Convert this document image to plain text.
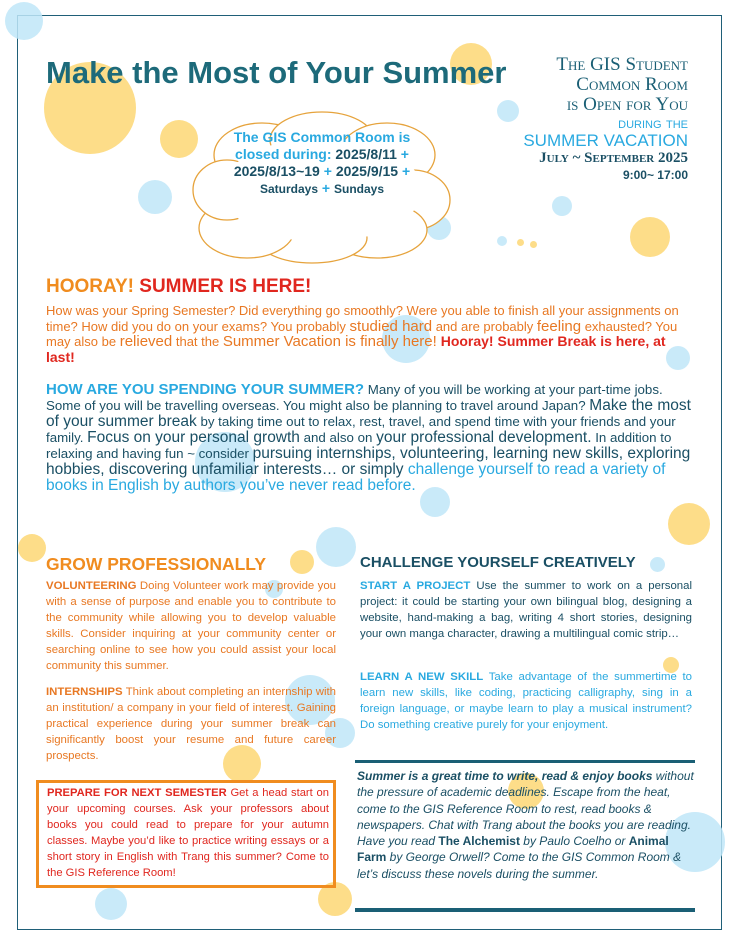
Make the Most of Your Summer	The GIS Student
Common Room
is Open for You
during the
SUMMER VACATION
July ~ September 2025
9:00~ 17:00
The GIS Common Room is closed during: 2025/8/11 + 2025/8/13~19 + 2025/9/15 +
Saturdays + Sundays
HOORAY! SUMMER IS HERE!

How was your Spring Semester? Did everything go smoothly? Were you able to finish all your assignments on time? How did you do on your exams? You probably studied hard and are probably feeling exhausted? You may also be relieved that the Summer Vacation is finally here! Hooray! Summer Break is here, at last!

HOW ARE YOU SPENDING YOUR SUMMER? Many of you will be working at your part-time jobs. Some of you will be travelling overseas. You might also be planning to travel around Japan? Make the most of your summer break by taking time out to relax, rest, travel, and spend time with your friends and your family. Focus on your personal growth and also on your professional development. In addition to relaxing and having fun ~ consider pursuing internships, volunteering, learning new skills, exploring hobbies, discovering unfamiliar interests… or simply challenge yourself to read a variety of books in English by authors you’ve never read before.

GROW PROFESSIONALLY

VOLUNTEERING Doing Volunteer work may provide you with a sense of purpose and enable you to contribute to the community while allowing you to develop valuable skills. Consider inquiring at your community center or searching online to see how you could assist your local community this summer.

INTERNSHIPS Think about completing an internship with an institution/ a company in your field of interest. Gaining practical experience during your summer break can significantly boost your resume and future career prospects.

PREPARE FOR NEXT SEMESTER Get a head start on your upcoming courses. Ask your professors about books you could read to prepare for your autumn classes. Maybe you’d like to practice writing essays or a short story in English with Trang this summer? Come to the GIS Reference Room!

CHALLENGE YOURSELF CREATIVELY

START A PROJECT Use the summer to work on a personal project: it could be starting your own bilingual blog, designing a website, hand-making a bag, writing 4 short stories, designing your own manga character, drawing a multilingual comic strip…

LEARN A NEW SKILL Take advantage of the summertime to learn new skills, like coding, practicing calligraphy, sing in a foreign language, or maybe learn to play a musical instrument? Do something creative purely for your enjoyment.

Summer is a great time to write, read & enjoy books without the pressure of academic deadlines. Escape from the heat, come to the GIS Reference Room to rest, read books & newspapers. Chat with Trang about the books you are reading. Have you read The Alchemist by Paulo Coelho or Animal Farm by George Orwell? Come to the GIS Common Room & let’s discuss these novels during the summer.
